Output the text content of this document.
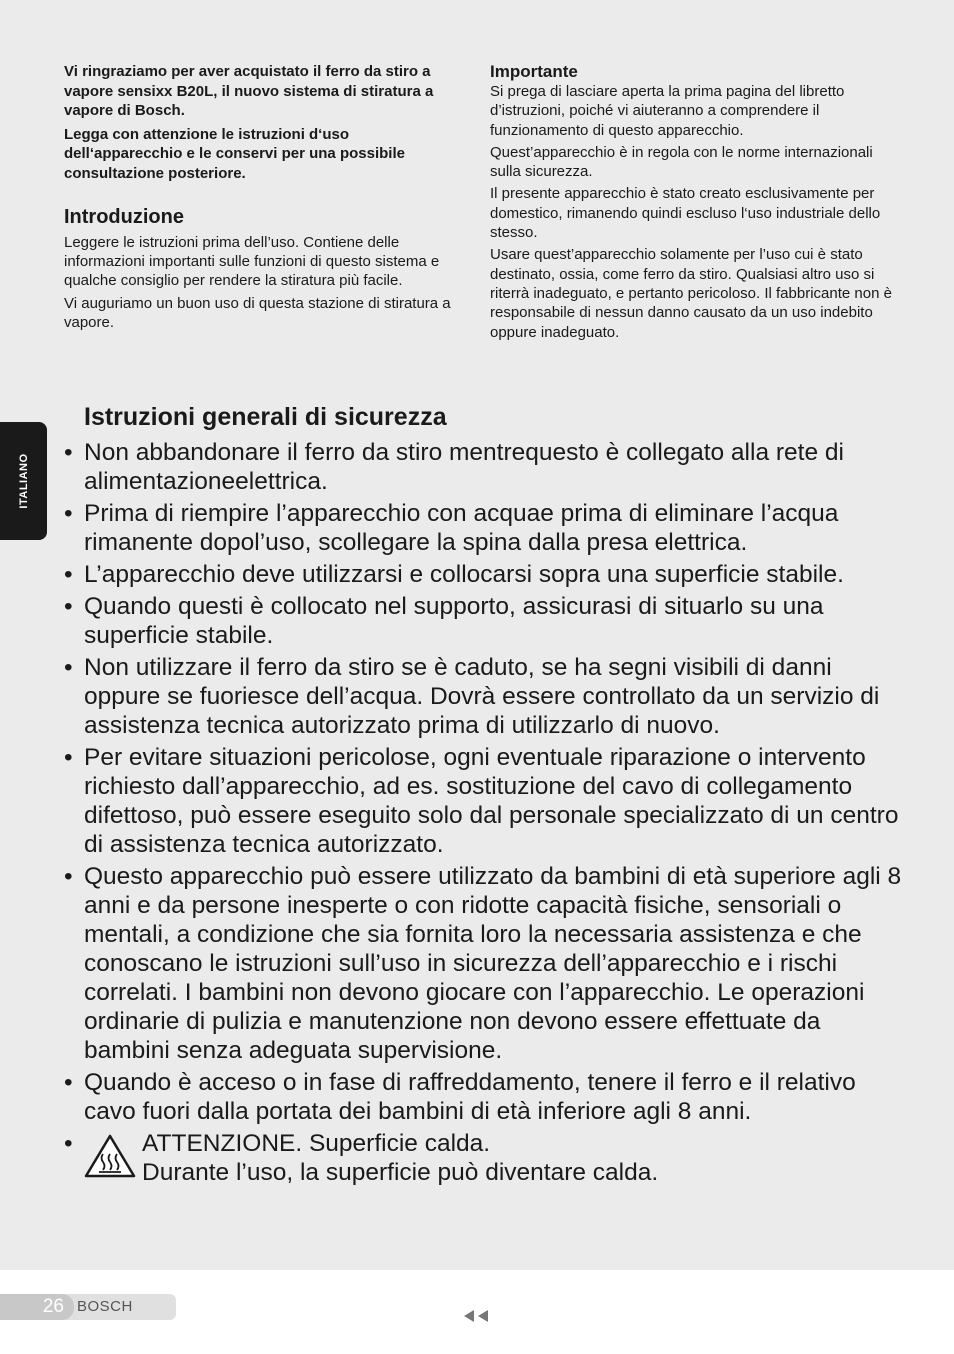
Vi ringraziamo per aver acquistato il ferro da stiro a vapore sensixx B20L, il nuovo sistema di stiratura a vapore di Bosch.

Legga con attenzione le istruzioni d‘uso dell‘apparecchio e le conservi per una possibile consultazione posteriore.

Introduzione

Leggere le istruzioni prima dell’uso. Contiene delle informazioni importanti sulle funzioni di questo sistema e qualche consiglio per rendere la stiratura più facile.

Vi auguriamo un buon uso di questa stazione di stiratura a vapore.

Importante

Si prega di lasciare aperta la prima pagina del libretto d’istruzioni, poiché vi aiuteranno a comprendere il funzionamento di questo apparecchio.

Quest’apparecchio è in regola con le norme internazionali sulla sicurezza.

Il presente apparecchio è stato creato esclusivamente per domestico, rimanendo quindi escluso l‘uso industriale dello stesso.

Usare quest’apparecchio solamente per l’uso cui è stato destinato, ossia, come ferro da stiro. Qualsiasi altro uso si riterrà inadeguato, e pertanto pericoloso. Il fabbricante non è responsabile di nessun danno causato da un uso indebito oppure inadeguato.

ITALIANO
Istruzioni generali di sicurezza
• Non abbandonare il ferro da stiro mentrequesto è collegato alla rete di alimentazioneelettrica.
• Prima di riempire l’apparecchio con acquae prima di eliminare l’acqua rimanente dopol’uso, scollegare la spina dalla presa elettrica.
• L’apparecchio deve utilizzarsi e collocarsi sopra una superficie stabile.
• Quando questi è collocato nel supporto, assicurasi di situarlo su una superficie stabile.
• Non utilizzare il ferro da stiro se è caduto, se ha segni visibili di danni oppure se fuoriesce dell’acqua. Dovrà essere controllato da un servizio di assistenza tecnica autorizzato prima di utilizzarlo di nuovo.
• Per evitare situazioni pericolose, ogni eventuale riparazione o intervento richiesto dall’apparecchio, ad es. sostituzione del cavo di collegamento difettoso, può essere eseguito solo dal personale specializzato di un centro di assistenza tecnica autorizzato.
• Questo apparecchio può essere utilizzato da bambini di età superiore agli 8 anni e da persone inesperte o con ridotte capacità fisiche, sensoriali o mentali, a condizione che sia fornita loro la necessaria assistenza e che conoscano le istruzioni sull’uso in sicurezza dell’apparecchio e i rischi correlati. I bambini non devono giocare con l’apparecchio. Le operazioni ordinarie di pulizia e manutenzione non devono essere effettuate da bambini senza adeguata supervisione.
• Quando è acceso o in fase di raffreddamento, tenere il ferro e il relativo cavo fuori dalla portata dei bambini di età inferiore agli 8 anni.
•	ATTENZIONE. Superficie calda.
Durante l’uso, la superficie può diventare calda.
26 BOSCH
